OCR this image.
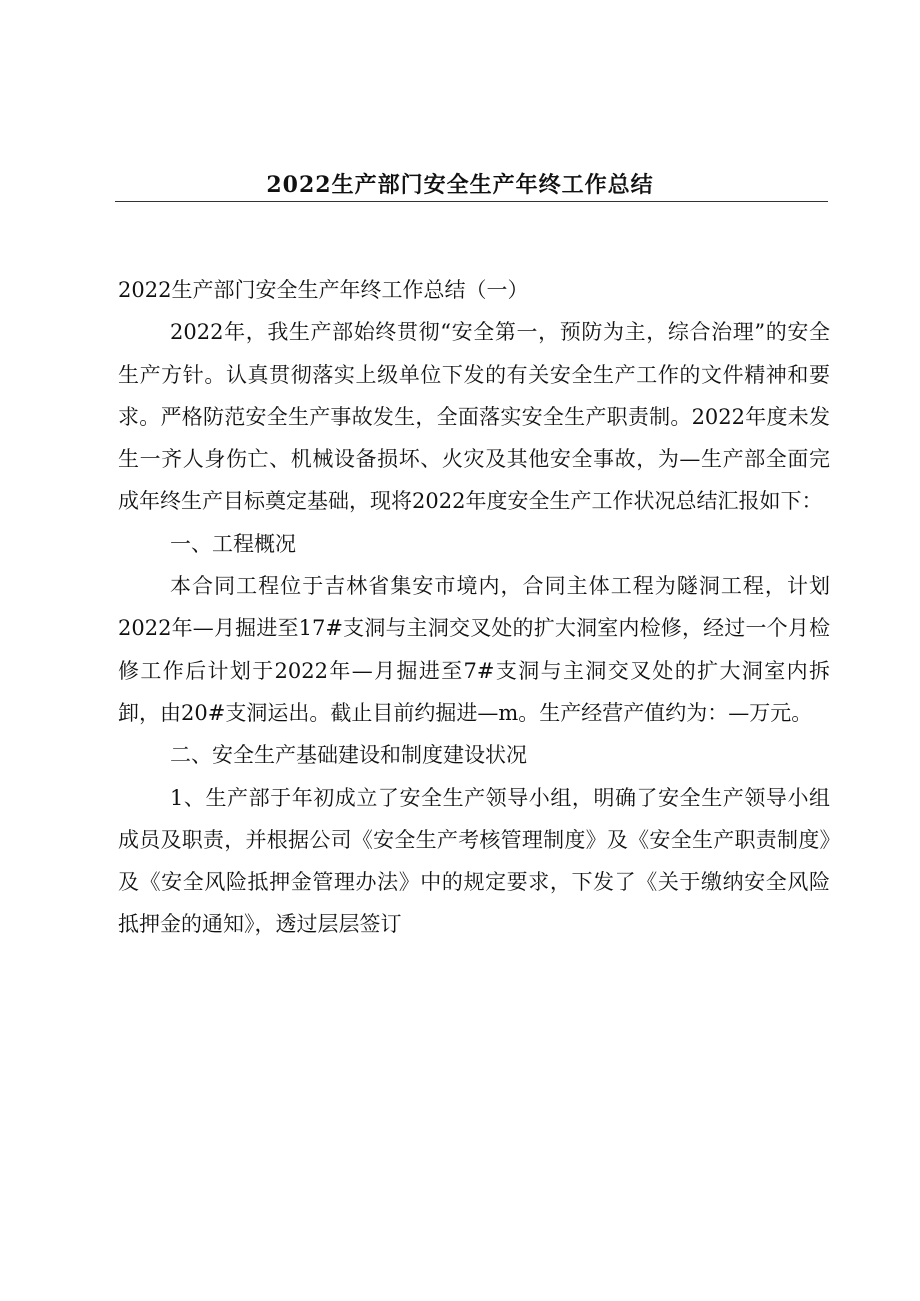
2022生产部门安全生产年终工作总结

2022生产部门安全生产年终工作总结（一）

2022年，我生产部始终贯彻“安全第一，预防为主，综合治理”的安全生产方针。认真贯彻落实上级单位下发的有关安全生产工作的文件精神和要求。严格防范安全生产事故发生，全面落实安全生产职责制。2022年度未发生一齐人身伤亡、机械设备损坏、火灾及其他安全事故，为—生产部全面完成年终生产目标奠定基础，现将2022年度安全生产工作状况总结汇报如下：

一、工程概况

本合同工程位于吉林省集安市境内，合同主体工程为隧洞工程，计划2022年—月掘进至17#支洞与主洞交叉处的扩大洞室内检修，经过一个月检修工作后计划于2022年—月掘进至7#支洞与主洞交叉处的扩大洞室内拆卸，由20#支洞运出。截止目前约掘进—m。生产经营产值约为：—万元。

二、安全生产基础建设和制度建设状况

1、生产部于年初成立了安全生产领导小组，明确了安全生产领导小组成员及职责，并根据公司《安全生产考核管理制度》及《安全生产职责制度》及《安全风险抵押金管理办法》中的规定要求，下发了《关于缴纳安全风险抵押金的通知》，透过层层签订
